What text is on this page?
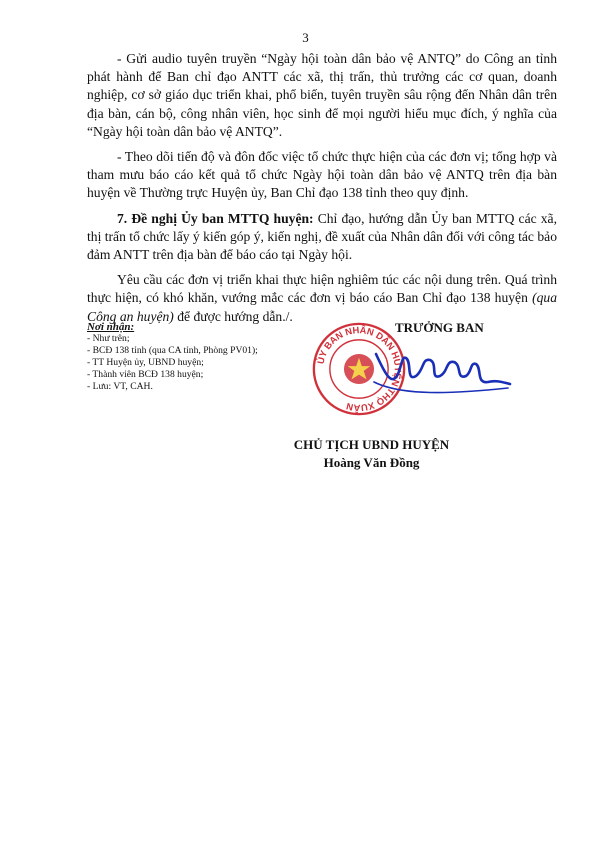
3

- Gửi audio tuyên truyền “Ngày hội toàn dân bảo vệ ANTQ” do Công an tỉnh phát hành để Ban chỉ đạo ANTT các xã, thị trấn, thủ trưởng các cơ quan, doanh nghiệp, cơ sở giáo dục triển khai, phổ biến, tuyên truyền sâu rộng đến Nhân dân trên địa bàn, cán bộ, công nhân viên, học sinh để mọi người hiểu mục đích, ý nghĩa của “Ngày hội toàn dân bảo vệ ANTQ”.

- Theo dõi tiến độ và đôn đốc việc tổ chức thực hiện của các đơn vị; tổng hợp và tham mưu báo cáo kết quả tổ chức Ngày hội toàn dân bảo vệ ANTQ trên địa bàn huyện về Thường trực Huyện ủy, Ban Chỉ đạo 138 tỉnh theo quy định.

7. Đề nghị Ủy ban MTTQ huyện: Chỉ đạo, hướng dẫn Ủy ban MTTQ các xã, thị trấn tổ chức lấy ý kiến góp ý, kiến nghị, đề xuất của Nhân dân đối với công tác bảo đảm ANTT trên địa bàn để báo cáo tại Ngày hội.

Yêu cầu các đơn vị triển khai thực hiện nghiêm túc các nội dung trên. Quá trình thực hiện, có khó khăn, vướng mắc các đơn vị báo cáo Ban Chỉ đạo 138 huyện (qua Công an huyện) để được hướng dẫn./.

Nơi nhận:
- Như trên;
- BCĐ 138 tỉnh (qua CA tỉnh, Phòng PV01);
- TT Huyện ủy, UBND huyện;
- Thành viên BCĐ 138 huyện;
- Lưu: VT, CAH.
ỦY BAN NHÂN DÂN HUYỆN THỌ XUÂN
TRƯỞNG BAN
CHỦ TỊCH UBND HUYỆN
Hoàng Văn Đồng
